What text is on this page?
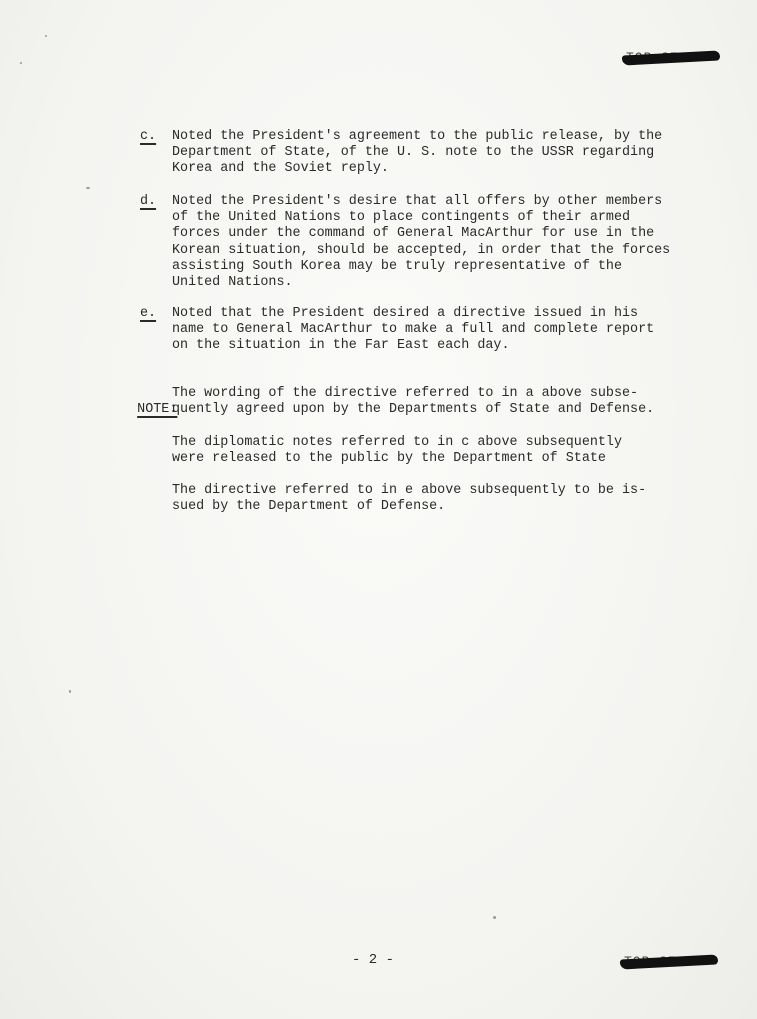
c.

Noted the President's agreement to the public release, by the
Department of State, of the U. S. note to the USSR regarding
Korea and the Soviet reply.

d.

Noted the President's desire that all offers by other members
of the United Nations to place contingents of their armed
forces under the command of General MacArthur for use in the
Korean situation, should be accepted, in order that the forces
assisting South Korea may be truly representative of the
United Nations.

e.

Noted that the President desired a directive issued in his
name to General MacArthur to make a full and complete report
on the situation in the Far East each day.

NOTE:

The wording of the directive referred to in a above subse-
quently agreed upon by the Departments of State and Defense.
The diplomatic notes referred to in c above subsequently
were released to the public by the Department of State
The directive referred to in e above subsequently to be is-
sued by the Department of Defense.
- 2 -
